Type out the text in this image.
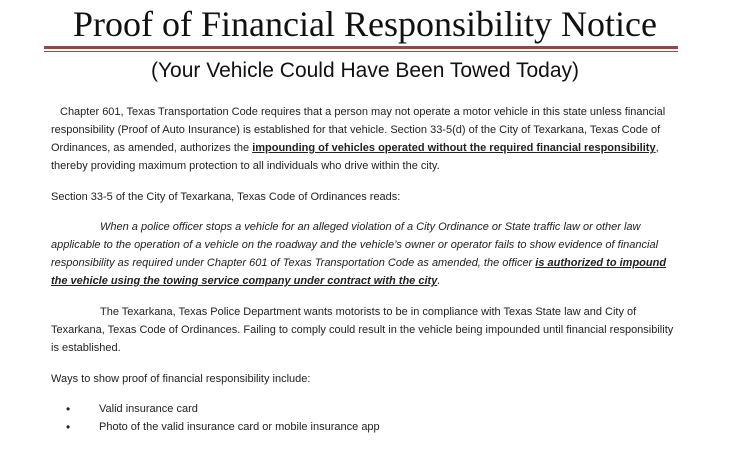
Proof of Financial Responsibility Notice
(Your Vehicle Could Have Been Towed Today)
Chapter 601, Texas Transportation Code requires that a person may not operate a motor vehicle in this state unless financial responsibility (Proof of Auto Insurance) is established for that vehicle. Section 33-5(d) of the City of Texarkana, Texas Code of Ordinances, as amended, authorizes the impounding of vehicles operated without the required financial responsibility, thereby providing maximum protection to all individuals who drive within the city.
Section 33-5 of the City of Texarkana, Texas Code of Ordinances reads:
When a police officer stops a vehicle for an alleged violation of a City Ordinance or State traffic law or other law applicable to the operation of a vehicle on the roadway and the vehicle’s owner or operator fails to show evidence of financial responsibility as required under Chapter 601 of Texas Transportation Code as amended, the officer is authorized to impound the vehicle using the towing service company under contract with the city.
The Texarkana, Texas Police Department wants motorists to be in compliance with Texas State law and City of Texarkana, Texas Code of Ordinances. Failing to comply could result in the vehicle being impounded until financial responsibility is established.
Ways to show proof of financial responsibility include:
•	Valid insurance card
•	Photo of the valid insurance card or mobile insurance app
